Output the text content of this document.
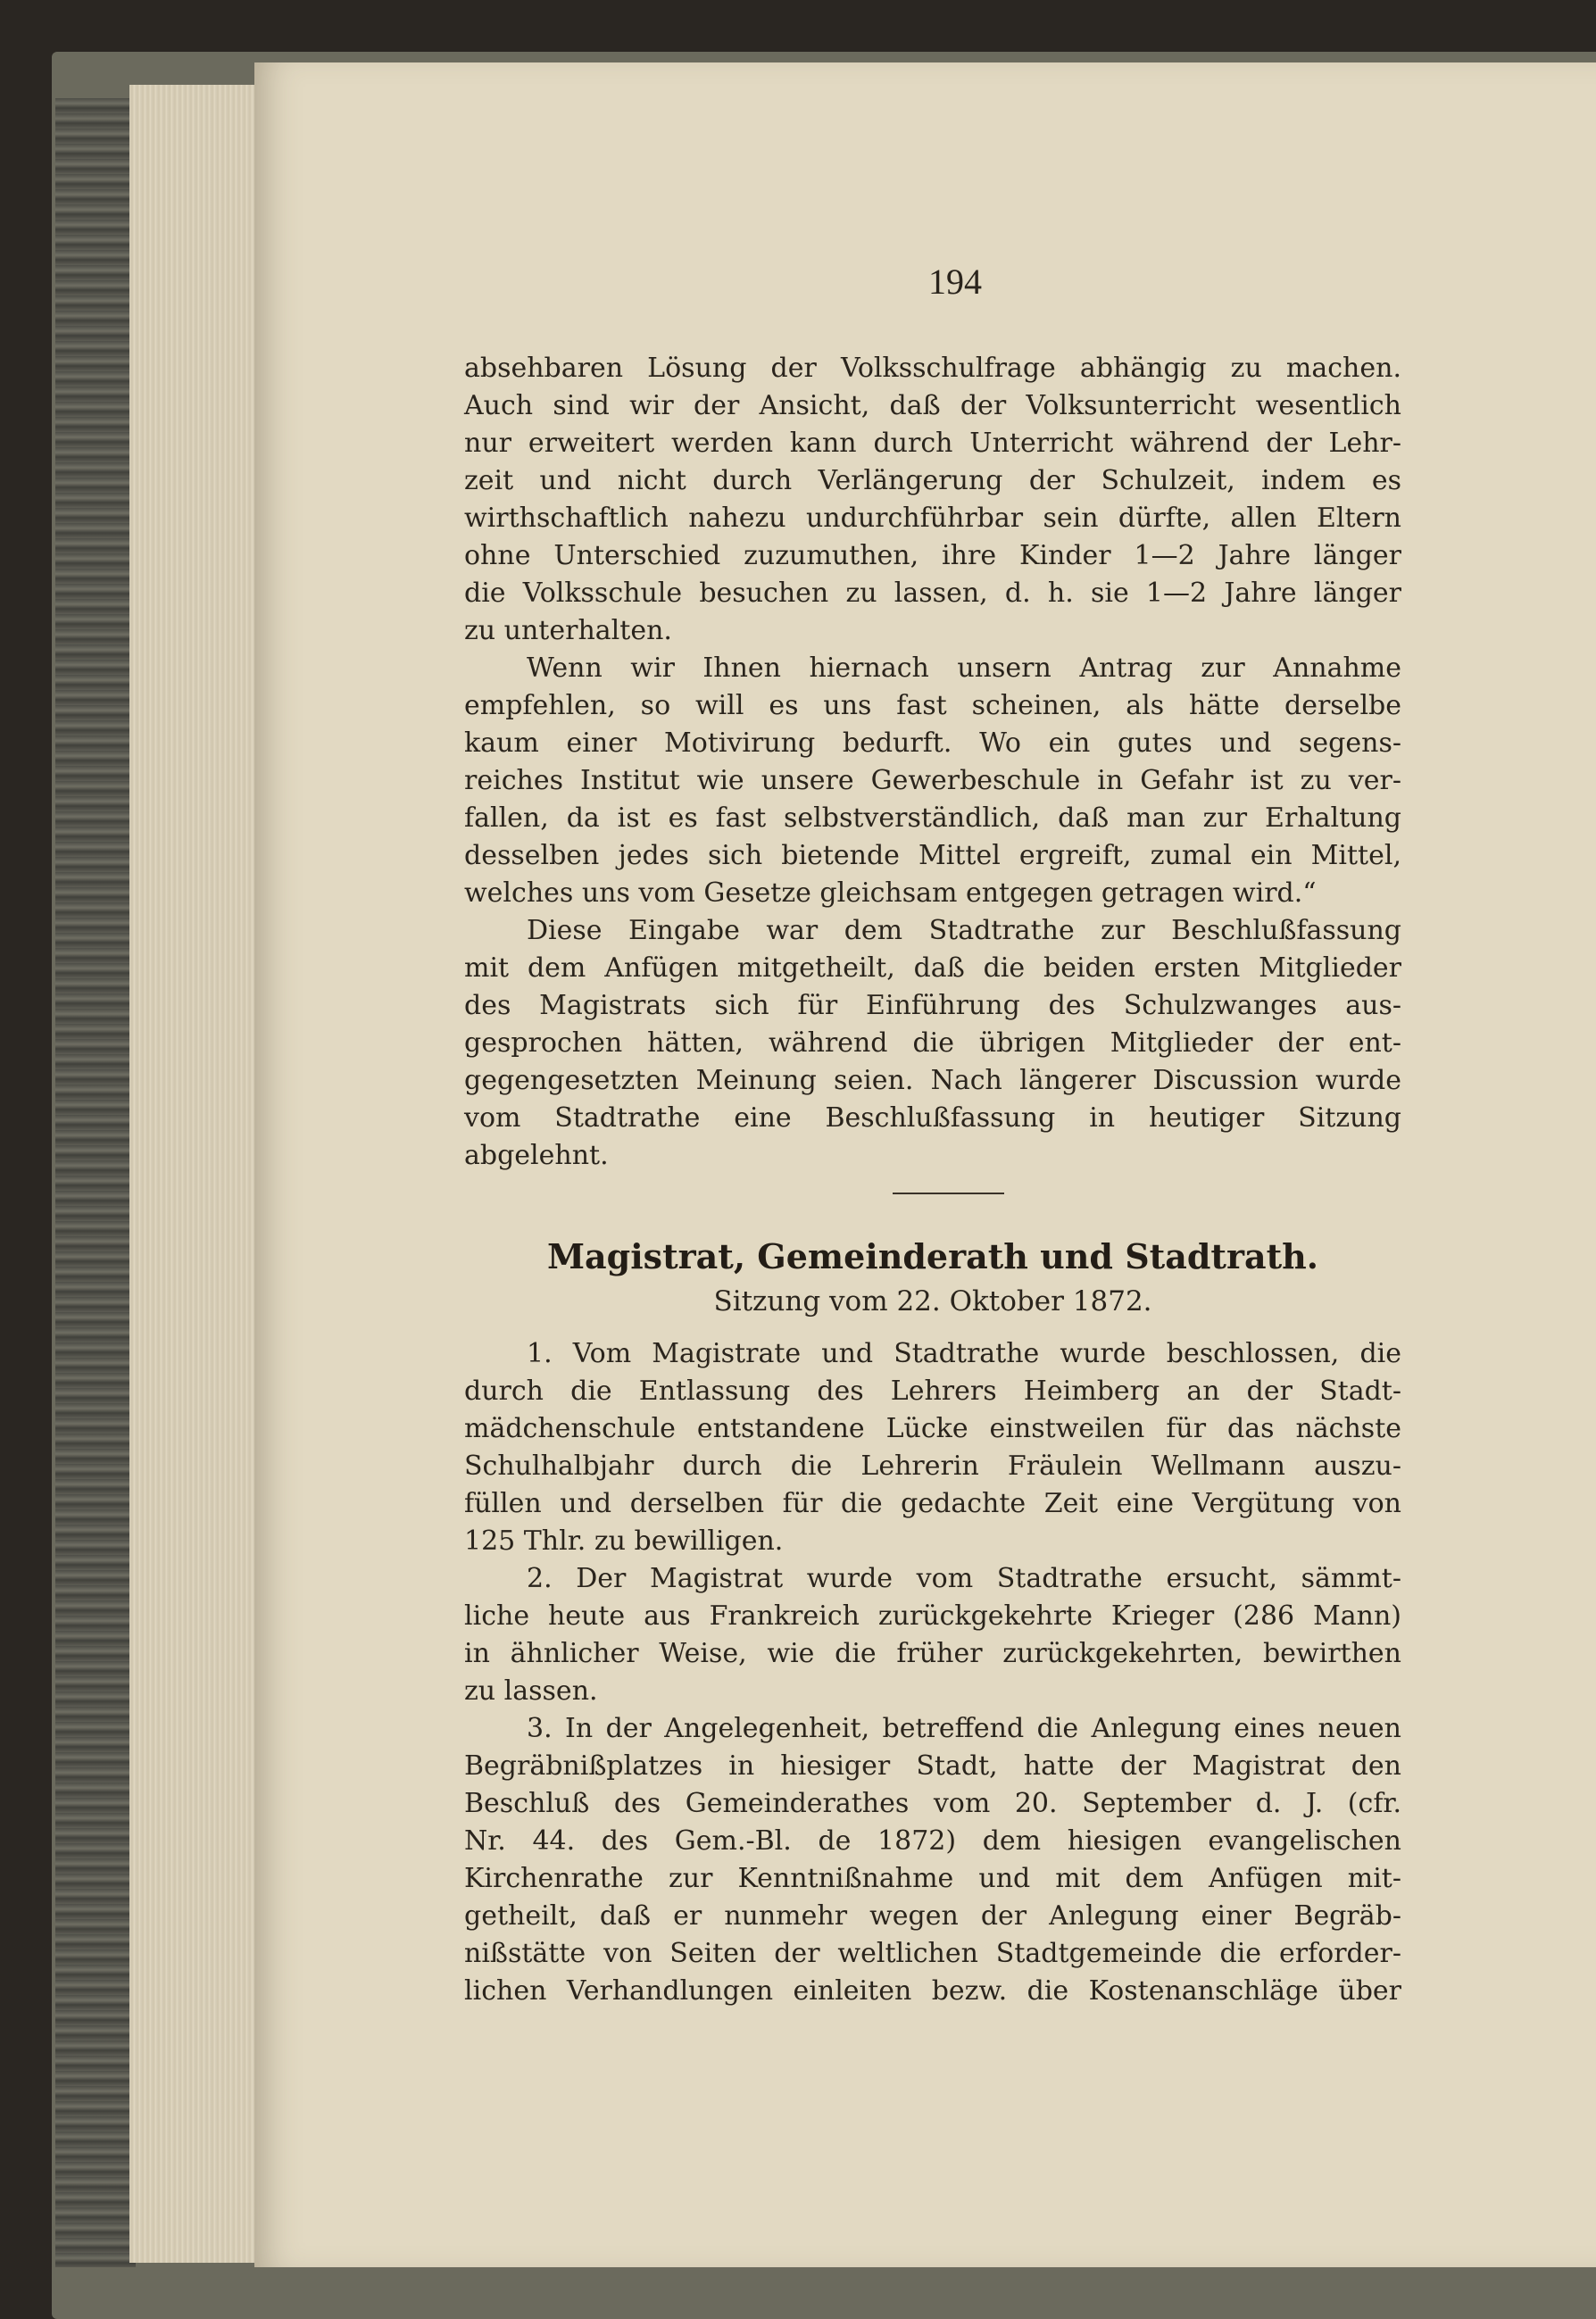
194
absehbaren Lösung der Volksschulfrage abhängig zu machen.
Auch sind wir der Ansicht, daß der Volksunterricht wesentlich
nur erweitert werden kann durch Unterricht während der Lehr-
zeit und nicht durch Verlängerung der Schulzeit, indem es
wirthschaftlich nahezu undurchführbar sein dürfte, allen Eltern
ohne Unterschied zuzumuthen, ihre Kinder 1—2 Jahre länger
die Volksschule besuchen zu lassen, d. h. sie 1—2 Jahre länger
zu unterhalten.
Wenn wir Ihnen hiernach unsern Antrag zur Annahme
empfehlen, so will es uns fast scheinen, als hätte derselbe
kaum einer Motivirung bedurft. Wo ein gutes und segens-
reiches Institut wie unsere Gewerbeschule in Gefahr ist zu ver-
fallen, da ist es fast selbstverständlich, daß man zur Erhaltung
desselben jedes sich bietende Mittel ergreift, zumal ein Mittel,
welches uns vom Gesetze gleichsam entgegen getragen wird.“
Diese Eingabe war dem Stadtrathe zur Beschlußfassung
mit dem Anfügen mitgetheilt, daß die beiden ersten Mitglieder
des Magistrats sich für Einführung des Schulzwanges aus-
gesprochen hätten, während die übrigen Mitglieder der ent-
gegengesetzten Meinung seien. Nach längerer Discussion wurde
vom Stadtrathe eine Beschlußfassung in heutiger Sitzung
abgelehnt.
Magistrat, Gemeinderath und Stadtrath.
Sitzung vom 22. Oktober 1872.
1. Vom Magistrate und Stadtrathe wurde beschlossen, die
durch die Entlassung des Lehrers Heimberg an der Stadt-
mädchenschule entstandene Lücke einstweilen für das nächste
Schulhalbjahr durch die Lehrerin Fräulein Wellmann auszu-
füllen und derselben für die gedachte Zeit eine Vergütung von
125 Thlr. zu bewilligen.
2. Der Magistrat wurde vom Stadtrathe ersucht, sämmt-
liche heute aus Frankreich zurückgekehrte Krieger (286 Mann)
in ähnlicher Weise, wie die früher zurückgekehrten, bewirthen
zu lassen.
3. In der Angelegenheit, betreffend die Anlegung eines neuen
Begräbnißplatzes in hiesiger Stadt, hatte der Magistrat den
Beschluß des Gemeinderathes vom 20. September d. J. (cfr.
Nr. 44. des Gem.-Bl. de 1872) dem hiesigen evangelischen
Kirchenrathe zur Kenntnißnahme und mit dem Anfügen mit-
getheilt, daß er nunmehr wegen der Anlegung einer Begräb-
nißstätte von Seiten der weltlichen Stadtgemeinde die erforder-
lichen Verhandlungen einleiten bezw. die Kostenanschläge über
